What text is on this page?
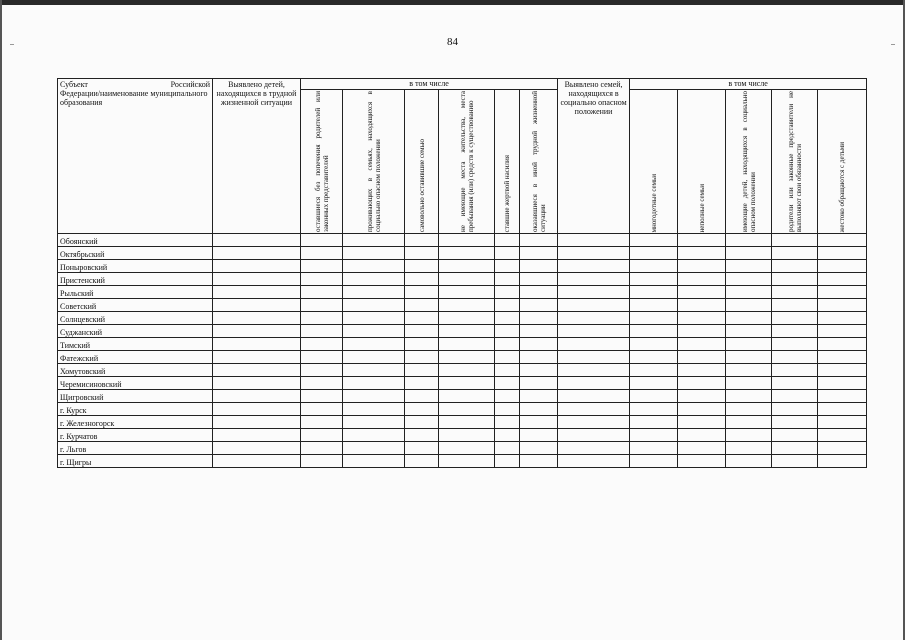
84
Субъект Российской
Федерации/наименование муниципального образования	Выявлено детей, находящихся в трудной жизненной ситуации	в том числе						Выявлено семей, находящихся в социально опасном положении	в том числе				

		оставшиеся без попечения родителей или законных представителей	проживающих в семьях, находящихся в социально опасном положении	самовольно оставившие семью	не имеющие места жительства, места пребывания (или) средств к существованию	ставшие жертвой насилия	оказавшиеся в иной трудной жизненной ситуации		многодетные семьи	неполные семьи	имеющие детей, находящихся в социально опасном положении	родители или законные представители не выполняют свои обязанности	жестоко обращаются с детьми

Обоянский													
Октябрьский													
Поныровский													
Пристенский													
Рыльский													
Советский													
Солнцевский													
Суджанский													
Тимский													
Фатежский													
Хомутовский													
Черемисиновский													
Щигровский													
г. Курск													
г. Железногорск													
г. Курчатов													
г. Льгов													
г. Щигры													
